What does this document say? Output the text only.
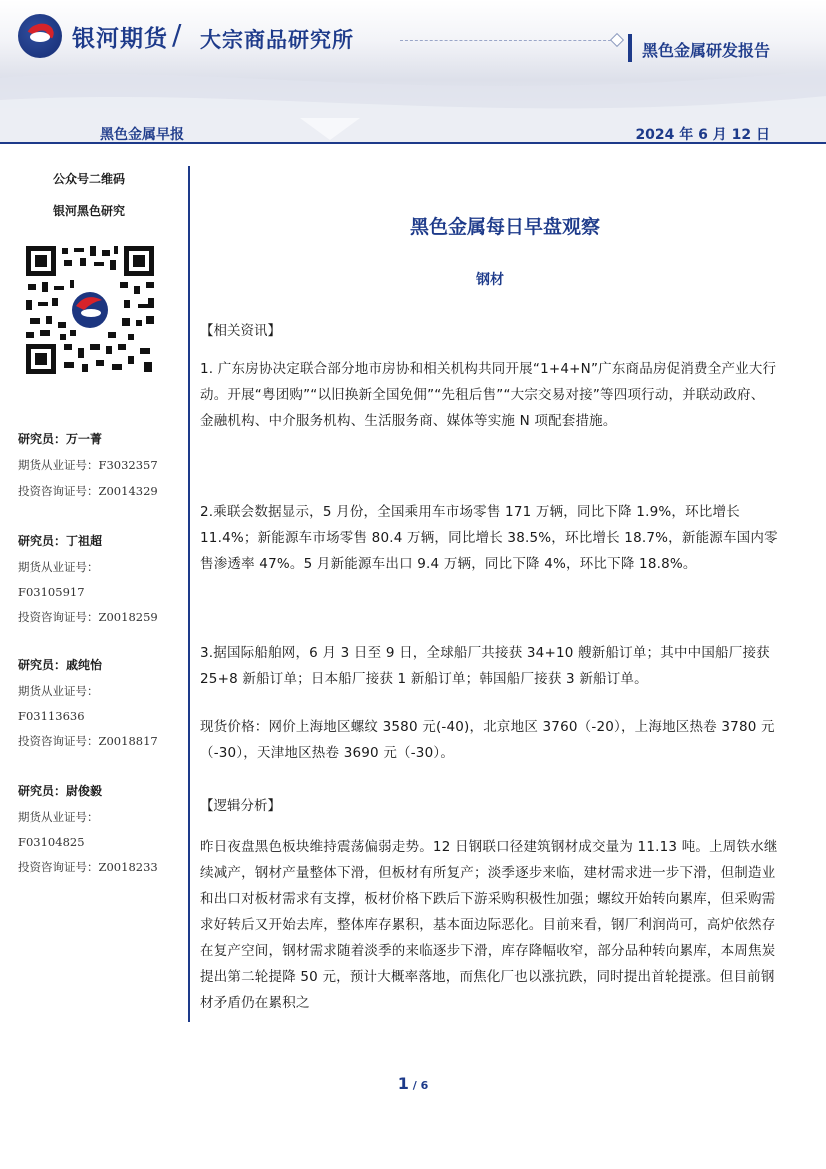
银河期货 / 大宗商品研究所	黑色金属研发报告
黑色金属早报	2024 年 6 月 12 日
公众号二维码
银河黑色研究
研究员：万一菁
期货从业证号：F3032357
投资咨询证号：Z0014329
研究员：丁祖超
期货从业证号：
F03105917
投资咨询证号：Z0018259
研究员：戚纯怡
期货从业证号：
F03113636
投资咨询证号：Z0018817
研究员：尉俊毅
期货从业证号：
F03104825
投资咨询证号：Z0018233
黑色金属每日早盘观察
钢材
【相关资讯】
1. 广东房协决定联合部分地市房协和相关机构共同开展“1+4+N”广东商品房促消费全产业大行动。开展“粤团购”“以旧换新全国免佣”“先租后售”“大宗交易对接”等四项行动，并联动政府、金融机构、中介服务机构、生活服务商、媒体等实施 N 项配套措施。
2.乘联会数据显示，5 月份，全国乘用车市场零售 171 万辆，同比下降 1.9%，环比增长 11.4%；新能源车市场零售 80.4 万辆，同比增长 38.5%，环比增长 18.7%，新能源车国内零售渗透率 47%。5 月新能源车出口 9.4 万辆，同比下降 4%，环比下降 18.8%。
3.据国际船舶网，6 月 3 日至 9 日，全球船厂共接获 34+10 艘新船订单；其中中国船厂接获 25+8 新船订单；日本船厂接获 1 新船订单；韩国船厂接获 3 新船订单。
现货价格：网价上海地区螺纹 3580 元(-40)，北京地区 3760（-20），上海地区热卷 3780 元（-30），天津地区热卷 3690 元（-30）。
【逻辑分析】
昨日夜盘黑色板块维持震荡偏弱走势。12 日钢联口径建筑钢材成交量为 11.13 吨。上周铁水继续减产，钢材产量整体下滑，但板材有所复产；淡季逐步来临，建材需求进一步下滑，但制造业和出口对板材需求有支撑，板材价格下跌后下游采购积极性加强；螺纹开始转向累库，但采购需求好转后又开始去库，整体库存累积，基本面边际恶化。目前来看，钢厂利润尚可，高炉依然存在复产空间，钢材需求随着淡季的来临逐步下滑，库存降幅收窄，部分品种转向累库，本周焦炭提出第二轮提降 50 元，预计大概率落地，而焦化厂也以涨抗跌，同时提出首轮提涨。但目前钢材矛盾仍在累积之
1 / 6
